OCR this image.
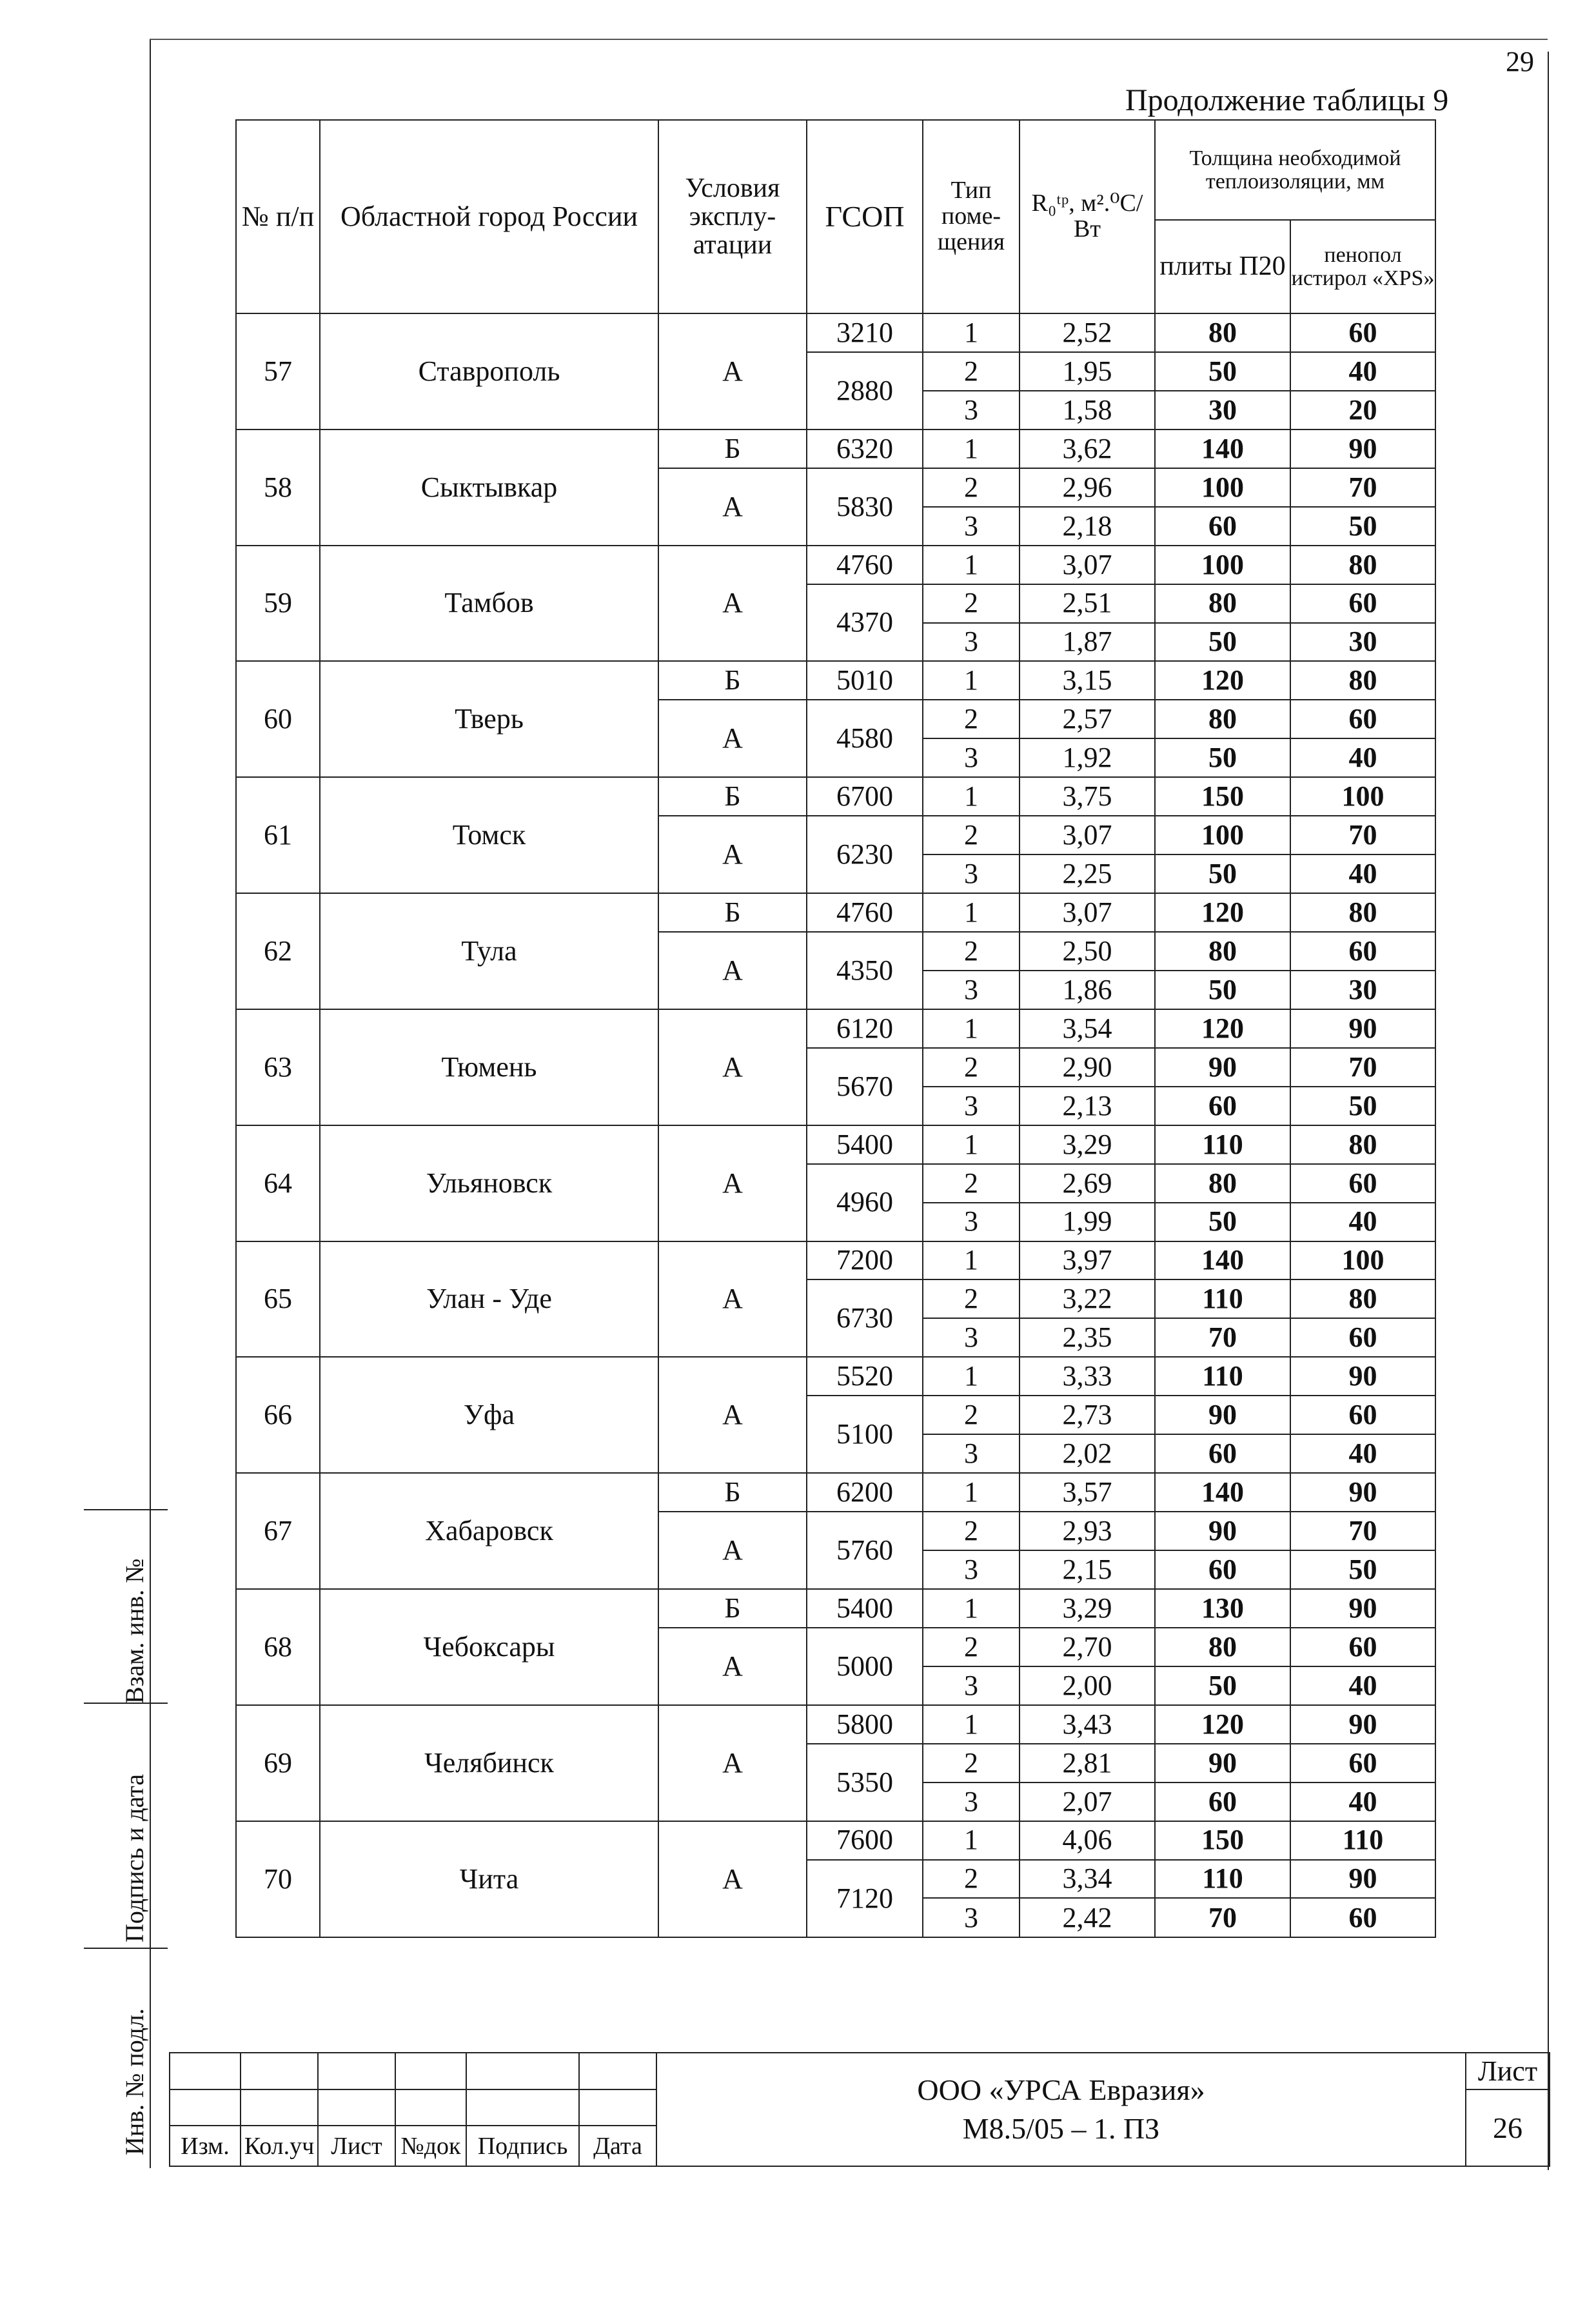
29
Продолжение таблицы 9
№ п/п	Областной город России	Условия эксплу-атации	ГСОП	Тип поме-щения	R₀ᵗᵖ, м².⁰С/Вт	Толщина необходимой теплоизоляции, мм	
						плиты П20	пенопол истирол «XPS»
57	Ставрополь	А	3210	1	2,52	80	60
			2880	2	1,95	50	40
				3	1,58	30	20
58	Сыктывкар	Б	6320	1	3,62	140	90
		А	5830	2	2,96	100	70
				3	2,18	60	50
59	Тамбов	А	4760	1	3,07	100	80
			4370	2	2,51	80	60
				3	1,87	50	30
60	Тверь	Б	5010	1	3,15	120	80
		А	4580	2	2,57	80	60
				3	1,92	50	40
61	Томск	Б	6700	1	3,75	150	100
		А	6230	2	3,07	100	70
				3	2,25	50	40
62	Тула	Б	4760	1	3,07	120	80
		А	4350	2	2,50	80	60
				3	1,86	50	30
63	Тюмень	А	6120	1	3,54	120	90
			5670	2	2,90	90	70
				3	2,13	60	50
64	Ульяновск	А	5400	1	3,29	110	80
			4960	2	2,69	80	60
				3	1,99	50	40
65	Улан - Уде	А	7200	1	3,97	140	100
			6730	2	3,22	110	80
				3	2,35	70	60
66	Уфа	А	5520	1	3,33	110	90
			5100	2	2,73	90	60
				3	2,02	60	40
67	Хабаровск	Б	6200	1	3,57	140	90
		А	5760	2	2,93	90	70
				3	2,15	60	50
68	Чебоксары	Б	5400	1	3,29	130	90
		А	5000	2	2,70	80	60
				3	2,00	50	40
69	Челябинск	А	5800	1	3,43	120	90
			5350	2	2,81	90	60
				3	2,07	60	40
70	Чита	А	7600	1	4,06	150	110
			7120	2	3,34	110	90
				3	2,42	70	60
Взам. инв. №
Подпись и дата
Инв. № подл.

						ООО «УРСА Евразия»
М8.5/05 – 1. ПЗ	Лист
							26
Изм.	Кол.уч	Лист	№док	Подпись	Дата		
